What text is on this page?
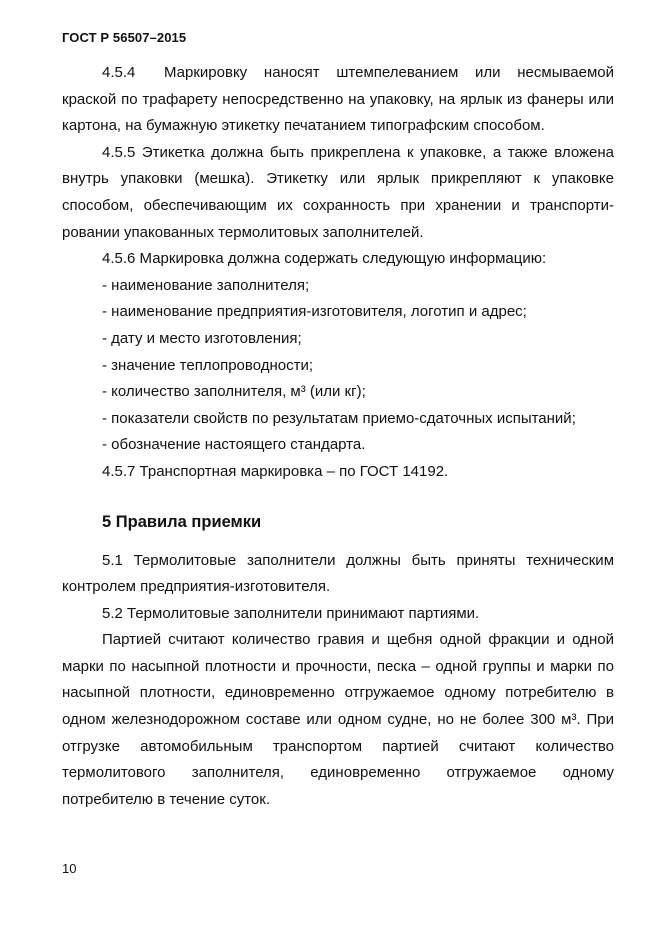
ГОСТ Р 56507–2015

4.5.4 Маркировку наносят штемпелеванием или несмываемой краской по трафарету непосредственно на упаковку, на ярлык из фанеры или картона, на бумажную этикетку печатанием типографским способом.

4.5.5 Этикетка должна быть прикреплена к упаковке, а также вложена внутрь упаковки (мешка). Этикетку или ярлык прикрепляют к упаковке способом, обеспечивающим их сохранность при хранении и транспорти-ровании упакованных термолитовых заполнителей.

4.5.6 Маркировка должна содержать следующую информацию:

- наименование заполнителя;

- наименование предприятия-изготовителя, логотип и адрес;

- дату и место изготовления;

- значение теплопроводности;

- количество заполнителя, м³ (или кг);

- показатели свойств по результатам приемо-сдаточных испытаний;

- обозначение настоящего стандарта.

4.5.7 Транспортная маркировка – по ГОСТ 14192.

5 Правила приемки

5.1 Термолитовые заполнители должны быть приняты техническим контролем предприятия-изготовителя.

5.2 Термолитовые заполнители принимают партиями.

Партией считают количество гравия и щебня одной фракции и одной марки по насыпной плотности и прочности, песка – одной группы и марки по насыпной плотности, единовременно отгружаемое одному потребителю в одном железнодорожном составе или одном судне, но не более 300 м³. При отгрузке автомобильным транспортом партией считают количество термолитового заполнителя, единовременно отгружаемое одному потребителю в течение суток.

10
